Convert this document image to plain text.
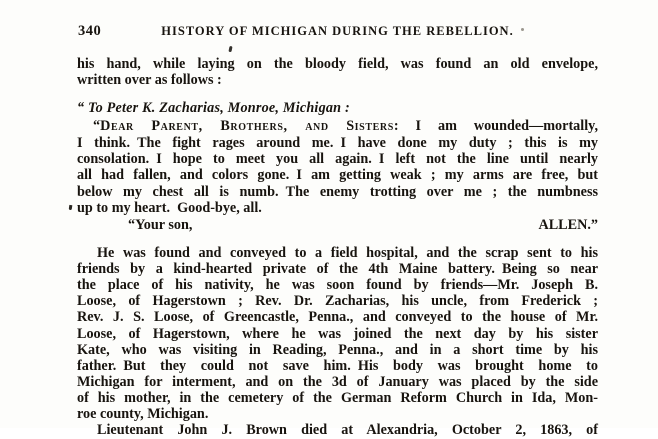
340	HISTORY OF MICHIGAN DURING THE REBELLION.
his hand, while laying on the bloody field, was found an old envelope,
written over as follows :
“ To Peter K. Zacharias, Monroe, Michigan :
“Dear Parent, Brothers, and Sisters: I am wounded—mortally,
I think. The fight rages around me. I have done my duty ; this is my
consolation. I hope to meet you all again. I left not the line until nearly
all had fallen, and colors gone. I am getting weak ; my arms are free, but
below my chest all is numb. The enemy trotting over me ; the numbness
up to my heart. Good-bye, all.
“Your son,	ALLEN.”
He was found and conveyed to a field hospital, and the scrap sent to his
friends by a kind-hearted private of the 4th Maine battery. Being so near
the place of his nativity, he was soon found by friends—Mr. Joseph B.
Loose, of Hagerstown ; Rev. Dr. Zacharias, his uncle, from Frederick ;
Rev. J. S. Loose, of Greencastle, Penna., and conveyed to the house of Mr.
Loose, of Hagerstown, where he was joined the next day by his sister
Kate, who was visiting in Reading, Penna., and in a short time by his
father. But they could not save him. His body was brought home to
Michigan for interment, and on the 3d of January was placed by the side
of his mother, in the cemetery of the German Reform Church in Ida, Mon-
roe county, Michigan.
Lieutenant John J. Brown died at Alexandria, October 2, 1863, of
